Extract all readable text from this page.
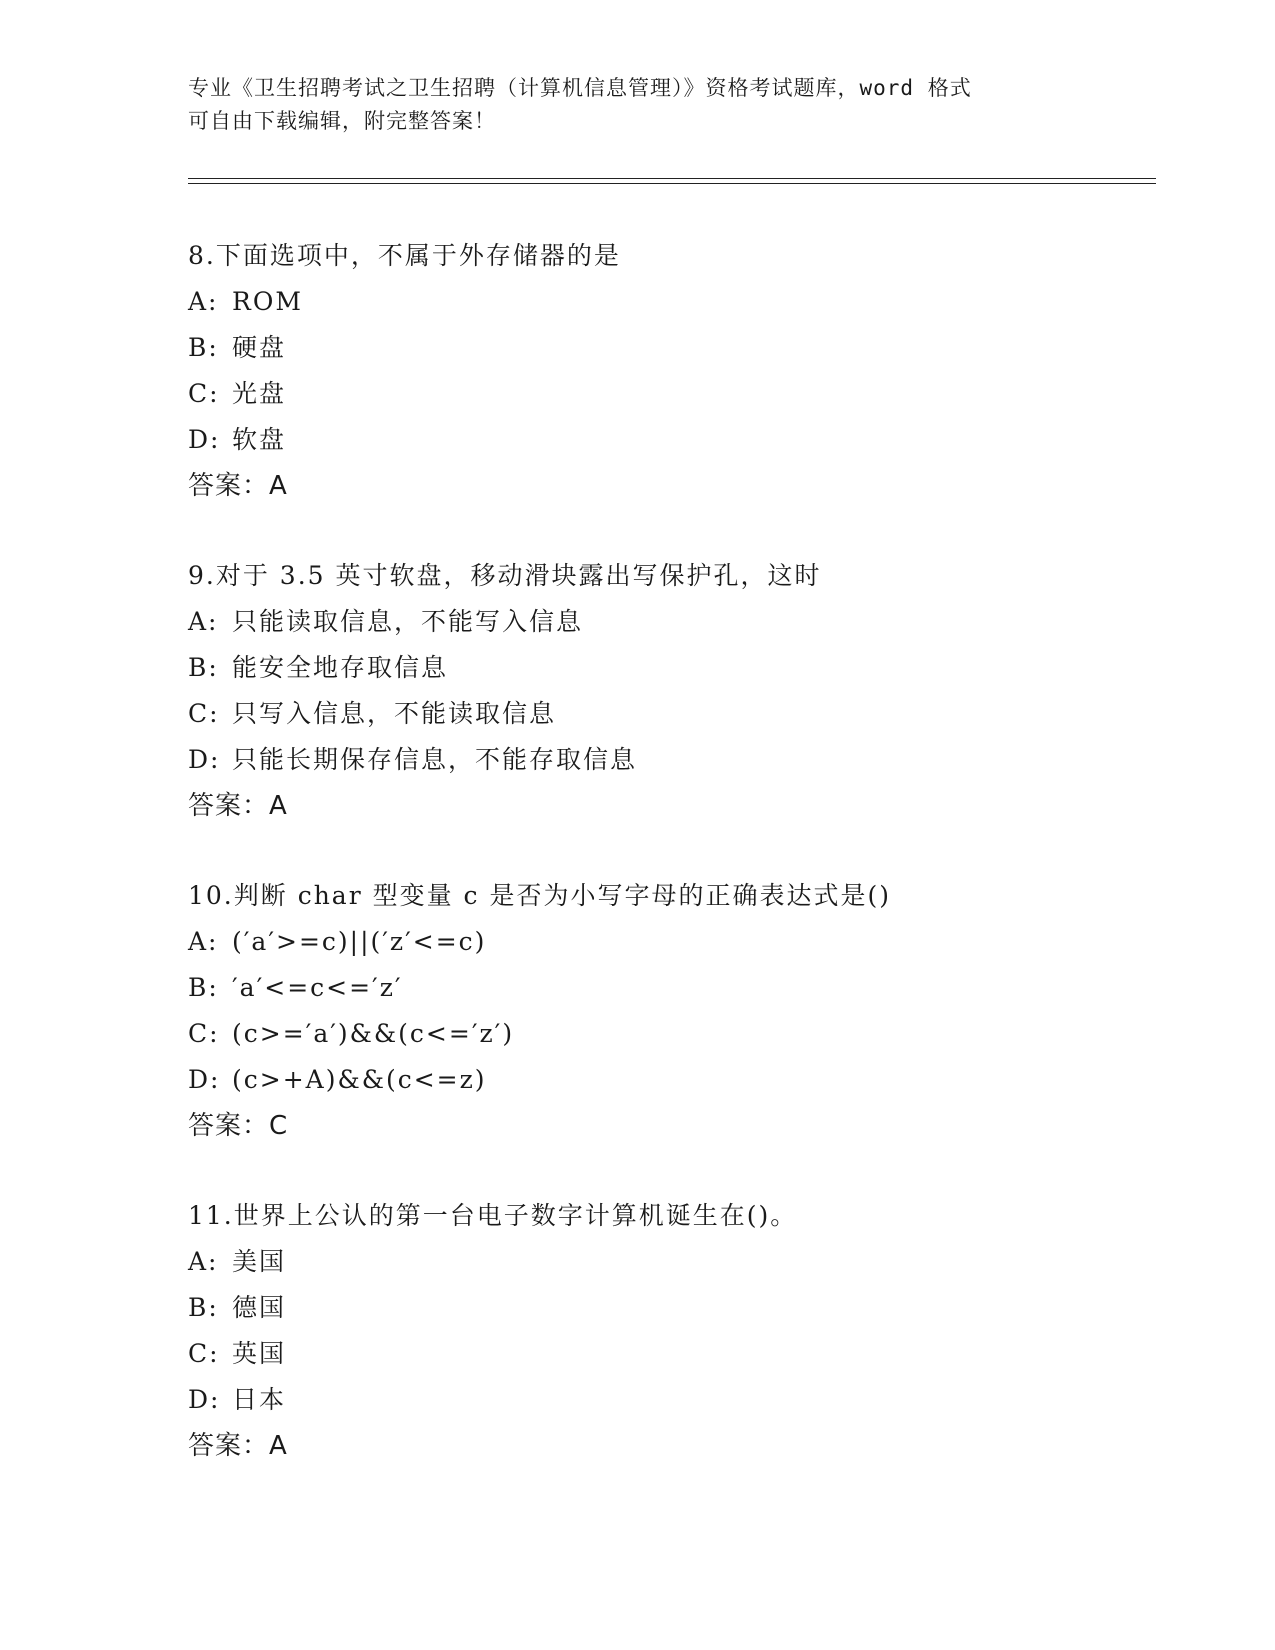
专业《卫生招聘考试之卫生招聘（计算机信息管理）》资格考试题库，word 格式
可自由下载编辑，附完整答案！
8.下面选项中，不属于外存储器的是
A: ROM
B: 硬盘
C: 光盘
D: 软盘
答案：A
9.对于 3.5 英寸软盘，移动滑块露出写保护孔，这时
A: 只能读取信息，不能写入信息
B: 能安全地存取信息
C: 只写入信息，不能读取信息
D: 只能长期保存信息，不能存取信息
答案：A
10.判断 char 型变量 c 是否为小写字母的正确表达式是()
A: (′a′>=c)||(′z′<=c)
B: ′a′<=c<=′z′
C: (c>=′a′)&&(c<=′z′)
D: (c>+A)&&(c<=z)
答案：C
11.世界上公认的第一台电子数字计算机诞生在()。
A: 美国
B: 德国
C: 英国
D: 日本
答案：A
